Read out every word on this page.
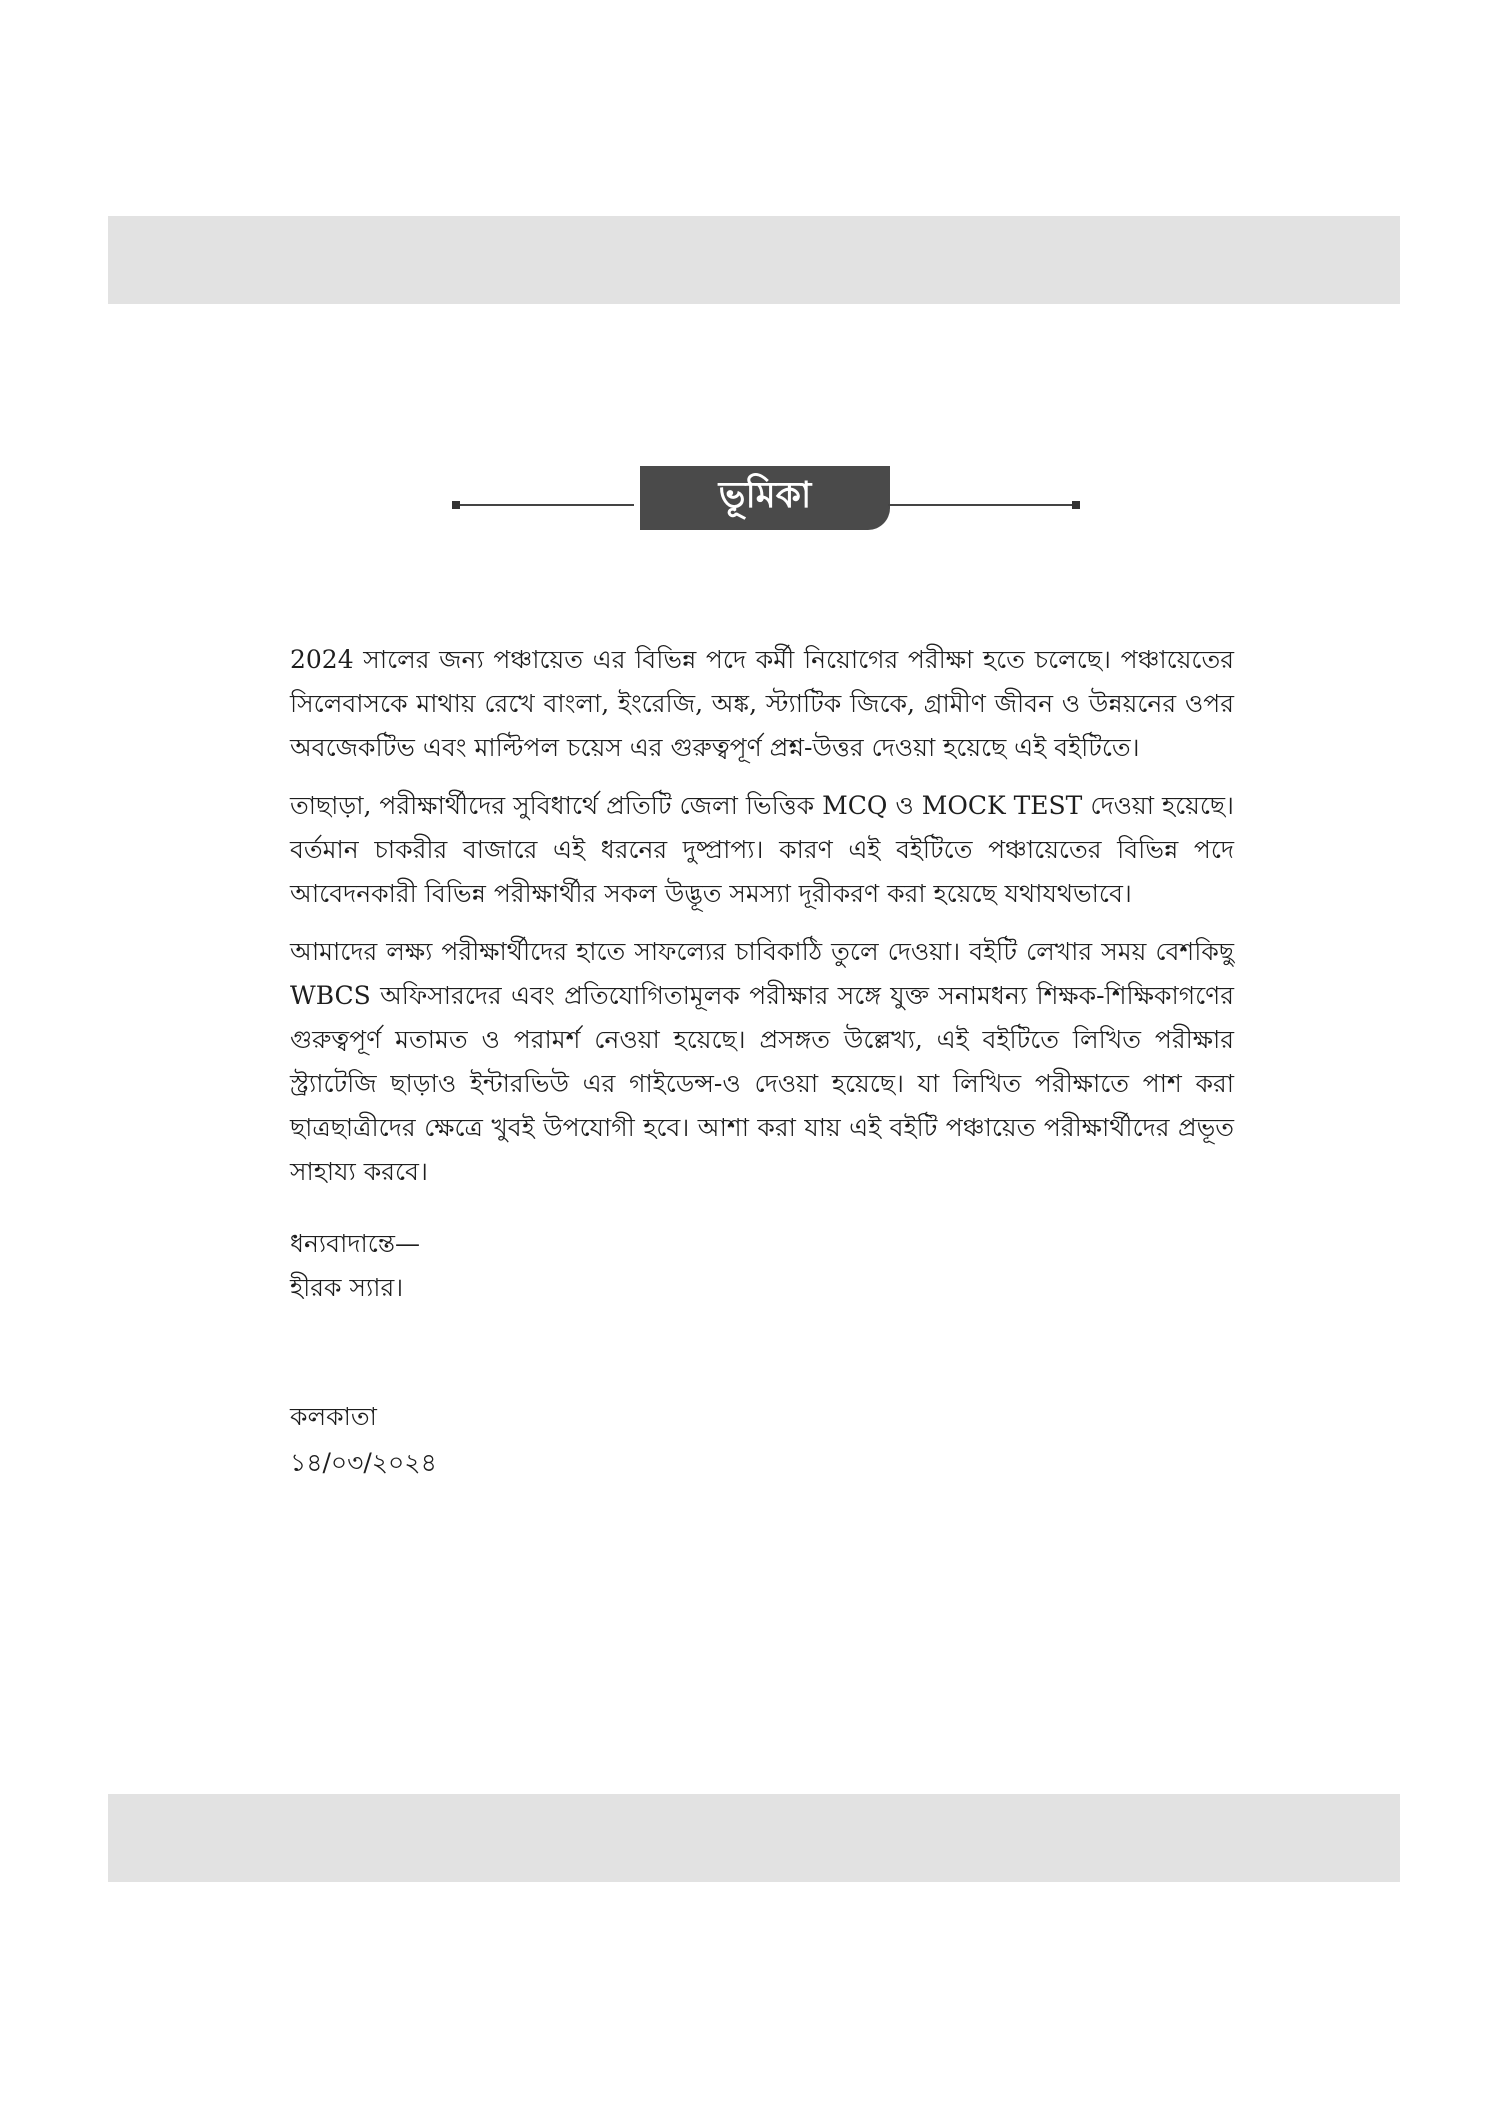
ভূমিকা

2024 সালের জন্য পঞ্চায়েত এর বিভিন্ন পদে কর্মী নিয়োগের পরীক্ষা হতে চলেছে। পঞ্চায়েতের সিলেবাসকে মাথায় রেখে বাংলা, ইংরেজি, অঙ্ক, স্ট্যাটিক জিকে, গ্রামীণ জীবন ও উন্নয়নের ওপর অবজেকটিভ এবং মাল্টিপল চয়েস এর গুরুত্বপূর্ণ প্রশ্ন-উত্তর দেওয়া হয়েছে এই বইটিতে।

তাছাড়া, পরীক্ষার্থীদের সুবিধার্থে প্রতিটি জেলা ভিত্তিক MCQ ও MOCK TEST দেওয়া হয়েছে। বর্তমান চাকরীর বাজারে এই ধরনের দুষ্প্রাপ্য। কারণ এই বইটিতে পঞ্চায়েতের বিভিন্ন পদে আবেদনকারী বিভিন্ন পরীক্ষার্থীর সকল উদ্ভূত সমস্যা দূরীকরণ করা হয়েছে যথাযথভাবে।

আমাদের লক্ষ্য পরীক্ষার্থীদের হাতে সাফল্যের চাবিকাঠি তুলে দেওয়া। বইটি লেখার সময় বেশকিছু WBCS অফিসারদের এবং প্রতিযোগিতামূলক পরীক্ষার সঙ্গে যুক্ত সনামধন্য শিক্ষক-শিক্ষিকাগণের গুরুত্বপূর্ণ মতামত ও পরামর্শ নেওয়া হয়েছে। প্রসঙ্গত উল্লেখ্য, এই বইটিতে লিখিত পরীক্ষার স্ট্র্যাটেজি ছাড়াও ইন্টারভিউ এর গাইডেন্স-ও দেওয়া হয়েছে। যা লিখিত পরীক্ষাতে পাশ করা ছাত্রছাত্রীদের ক্ষেত্রে খুবই উপযোগী হবে। আশা করা যায় এই বইটি পঞ্চায়েত পরীক্ষার্থীদের প্রভূত সাহায্য করবে।

ধন্যবাদান্তে—
হীরক স্যার।
কলকাতা
১৪/০৩/২০২৪
